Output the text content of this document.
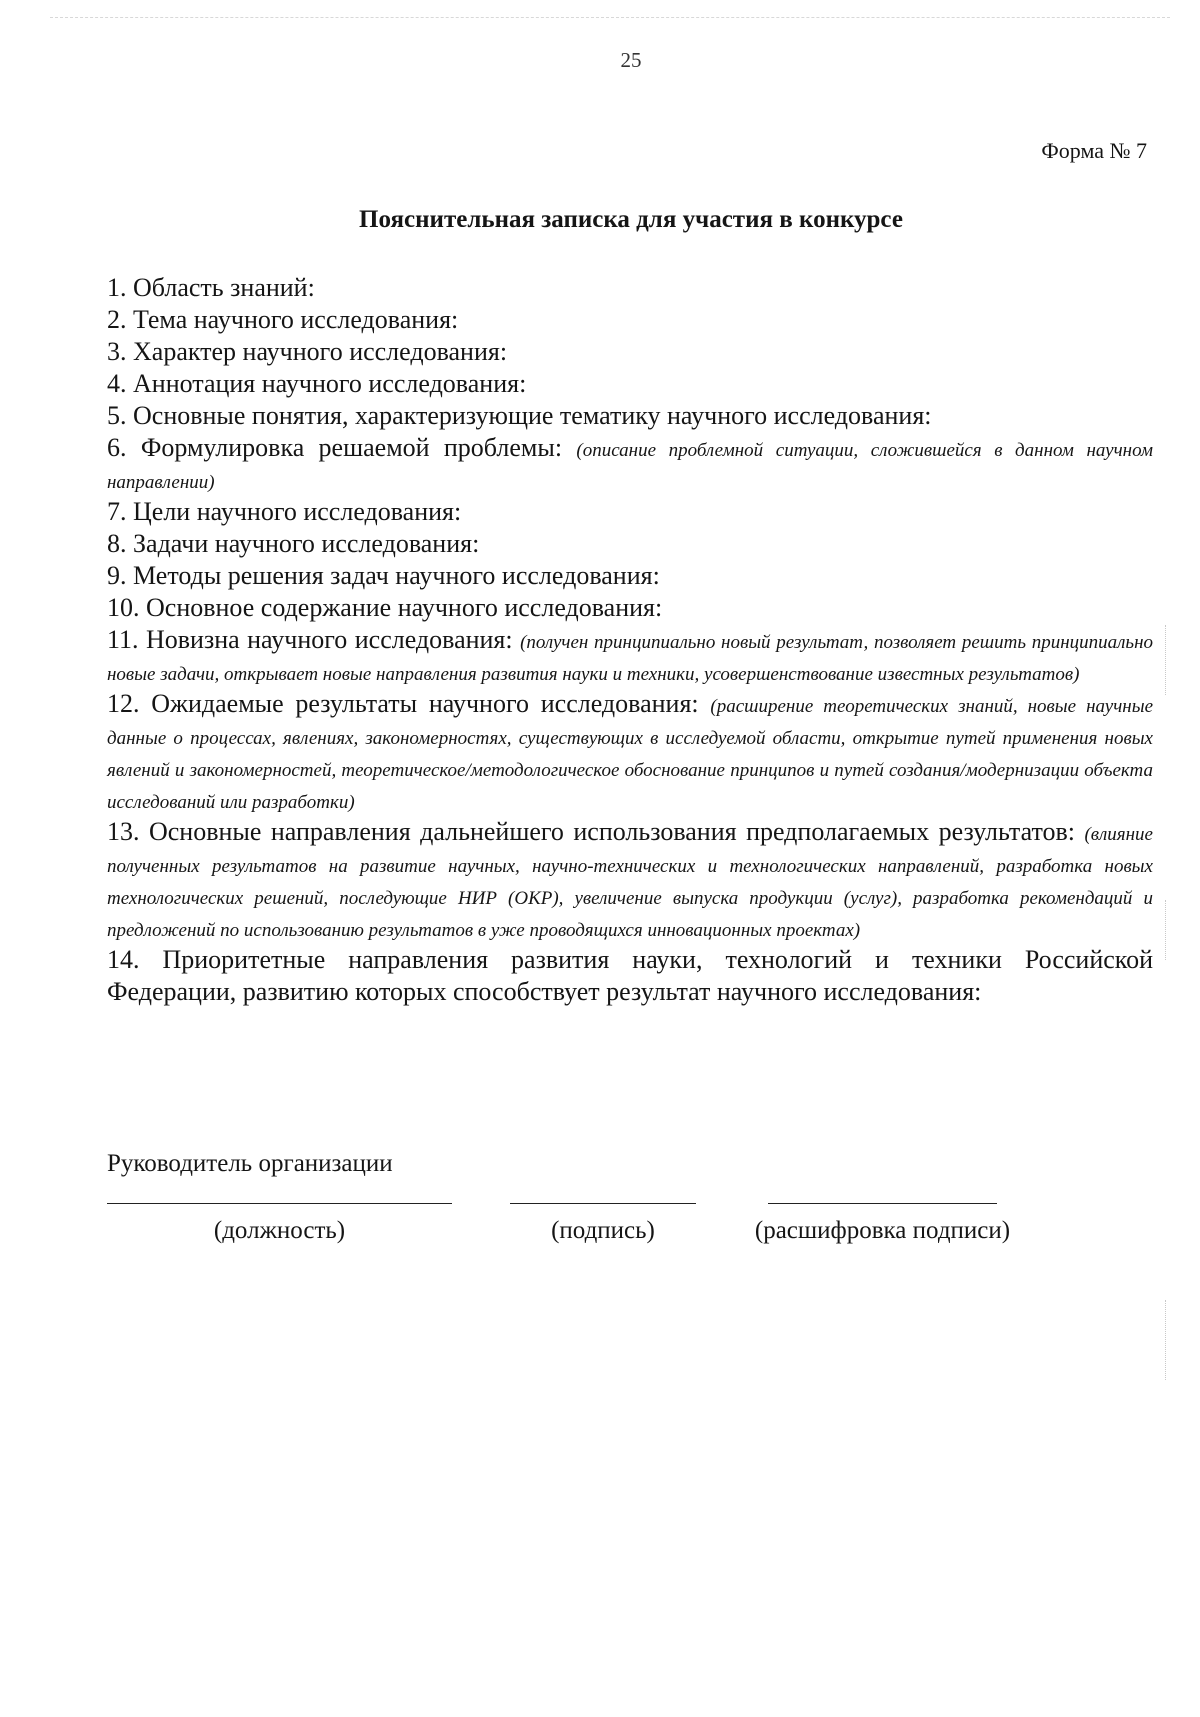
25
Форма № 7
Пояснительная записка для участия в конкурсе
1. Область знаний:
2. Тема научного исследования:
3. Характер научного исследования:
4. Аннотация научного исследования:
5. Основные понятия, характеризующие тематику научного исследования:
6. Формулировка решаемой проблемы: (описание проблемной ситуации, сложившейся в данном научном направлении)
7. Цели научного исследования:
8. Задачи научного исследования:
9. Методы решения задач научного исследования:
10. Основное содержание научного исследования:
11. Новизна научного исследования: (получен принципиально новый результат, позволяет решить принципиально новые задачи, открывает новые направления развития науки и техники, усовершенствование известных результатов)
12. Ожидаемые результаты научного исследования: (расширение теоретических знаний, новые научные данные о процессах, явлениях, закономерностях, существующих в исследуемой области, открытие путей применения новых явлений и закономерностей, теоретическое/методологическое обоснование принципов и путей создания/модернизации объекта исследований или разработки)
13. Основные направления дальнейшего использования предполагаемых результатов: (влияние полученных результатов на развитие научных, научно-технических и технологических направлений, разработка новых технологических решений, последующие НИР (ОКР), увеличение выпуска продукции (услуг), разработка рекомендаций и предложений по использованию результатов в уже проводящихся инновационных проектах)
14. Приоритетные направления развития науки, технологий и техники Российской Федерации, развитию которых способствует результат научного исследования:
Руководитель организации
(должность)	(подпись)	(расшифровка подписи)
